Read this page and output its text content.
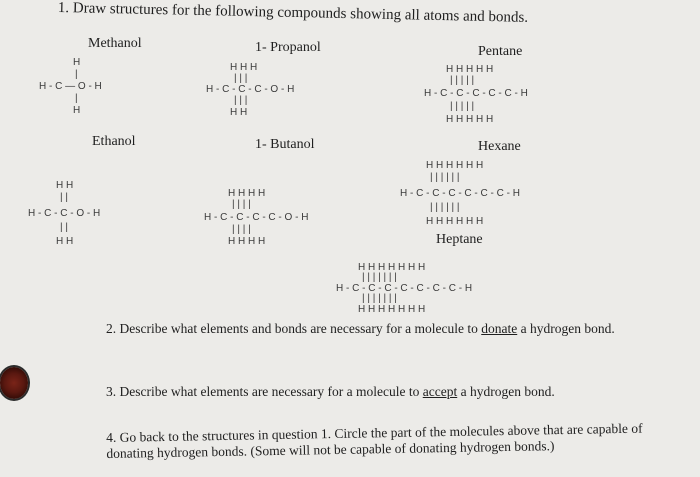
1. Draw structures for the following compounds showing all atoms and bonds.
Methanol	1- Propanol	Pentane
Ethanol	1- Butanol	Hexane
Heptane
H
|
H - C — O - H
|
H
H H H
| | |
H - C - C - C - O - H
| | |
H H
H H H H H
| | | | |
H - C - C - C - C - C - H
| | | | |
H H H H H
H H
| |
H - C - C - O - H
| |
H H
H H H H
| | | |
H - C - C - C - C - O - H
| | | |
H H H H
H H H H H H
| | | | | |
H - C - C - C - C - C - C - H
| | | | | |
H H H H H H
H H H H H H H
| | | | | | |
H - C - C - C - C - C - C - C - H
| | | | | | |
H H H H H H H
2. Describe what elements and bonds are necessary for a molecule to donate a hydrogen bond.
3. Describe what elements are necessary for a molecule to accept a hydrogen bond.
4. Go back to the structures in question 1. Circle the part of the molecules above that are capable of
donating hydrogen bonds. (Some will not be capable of donating hydrogen bonds.)
